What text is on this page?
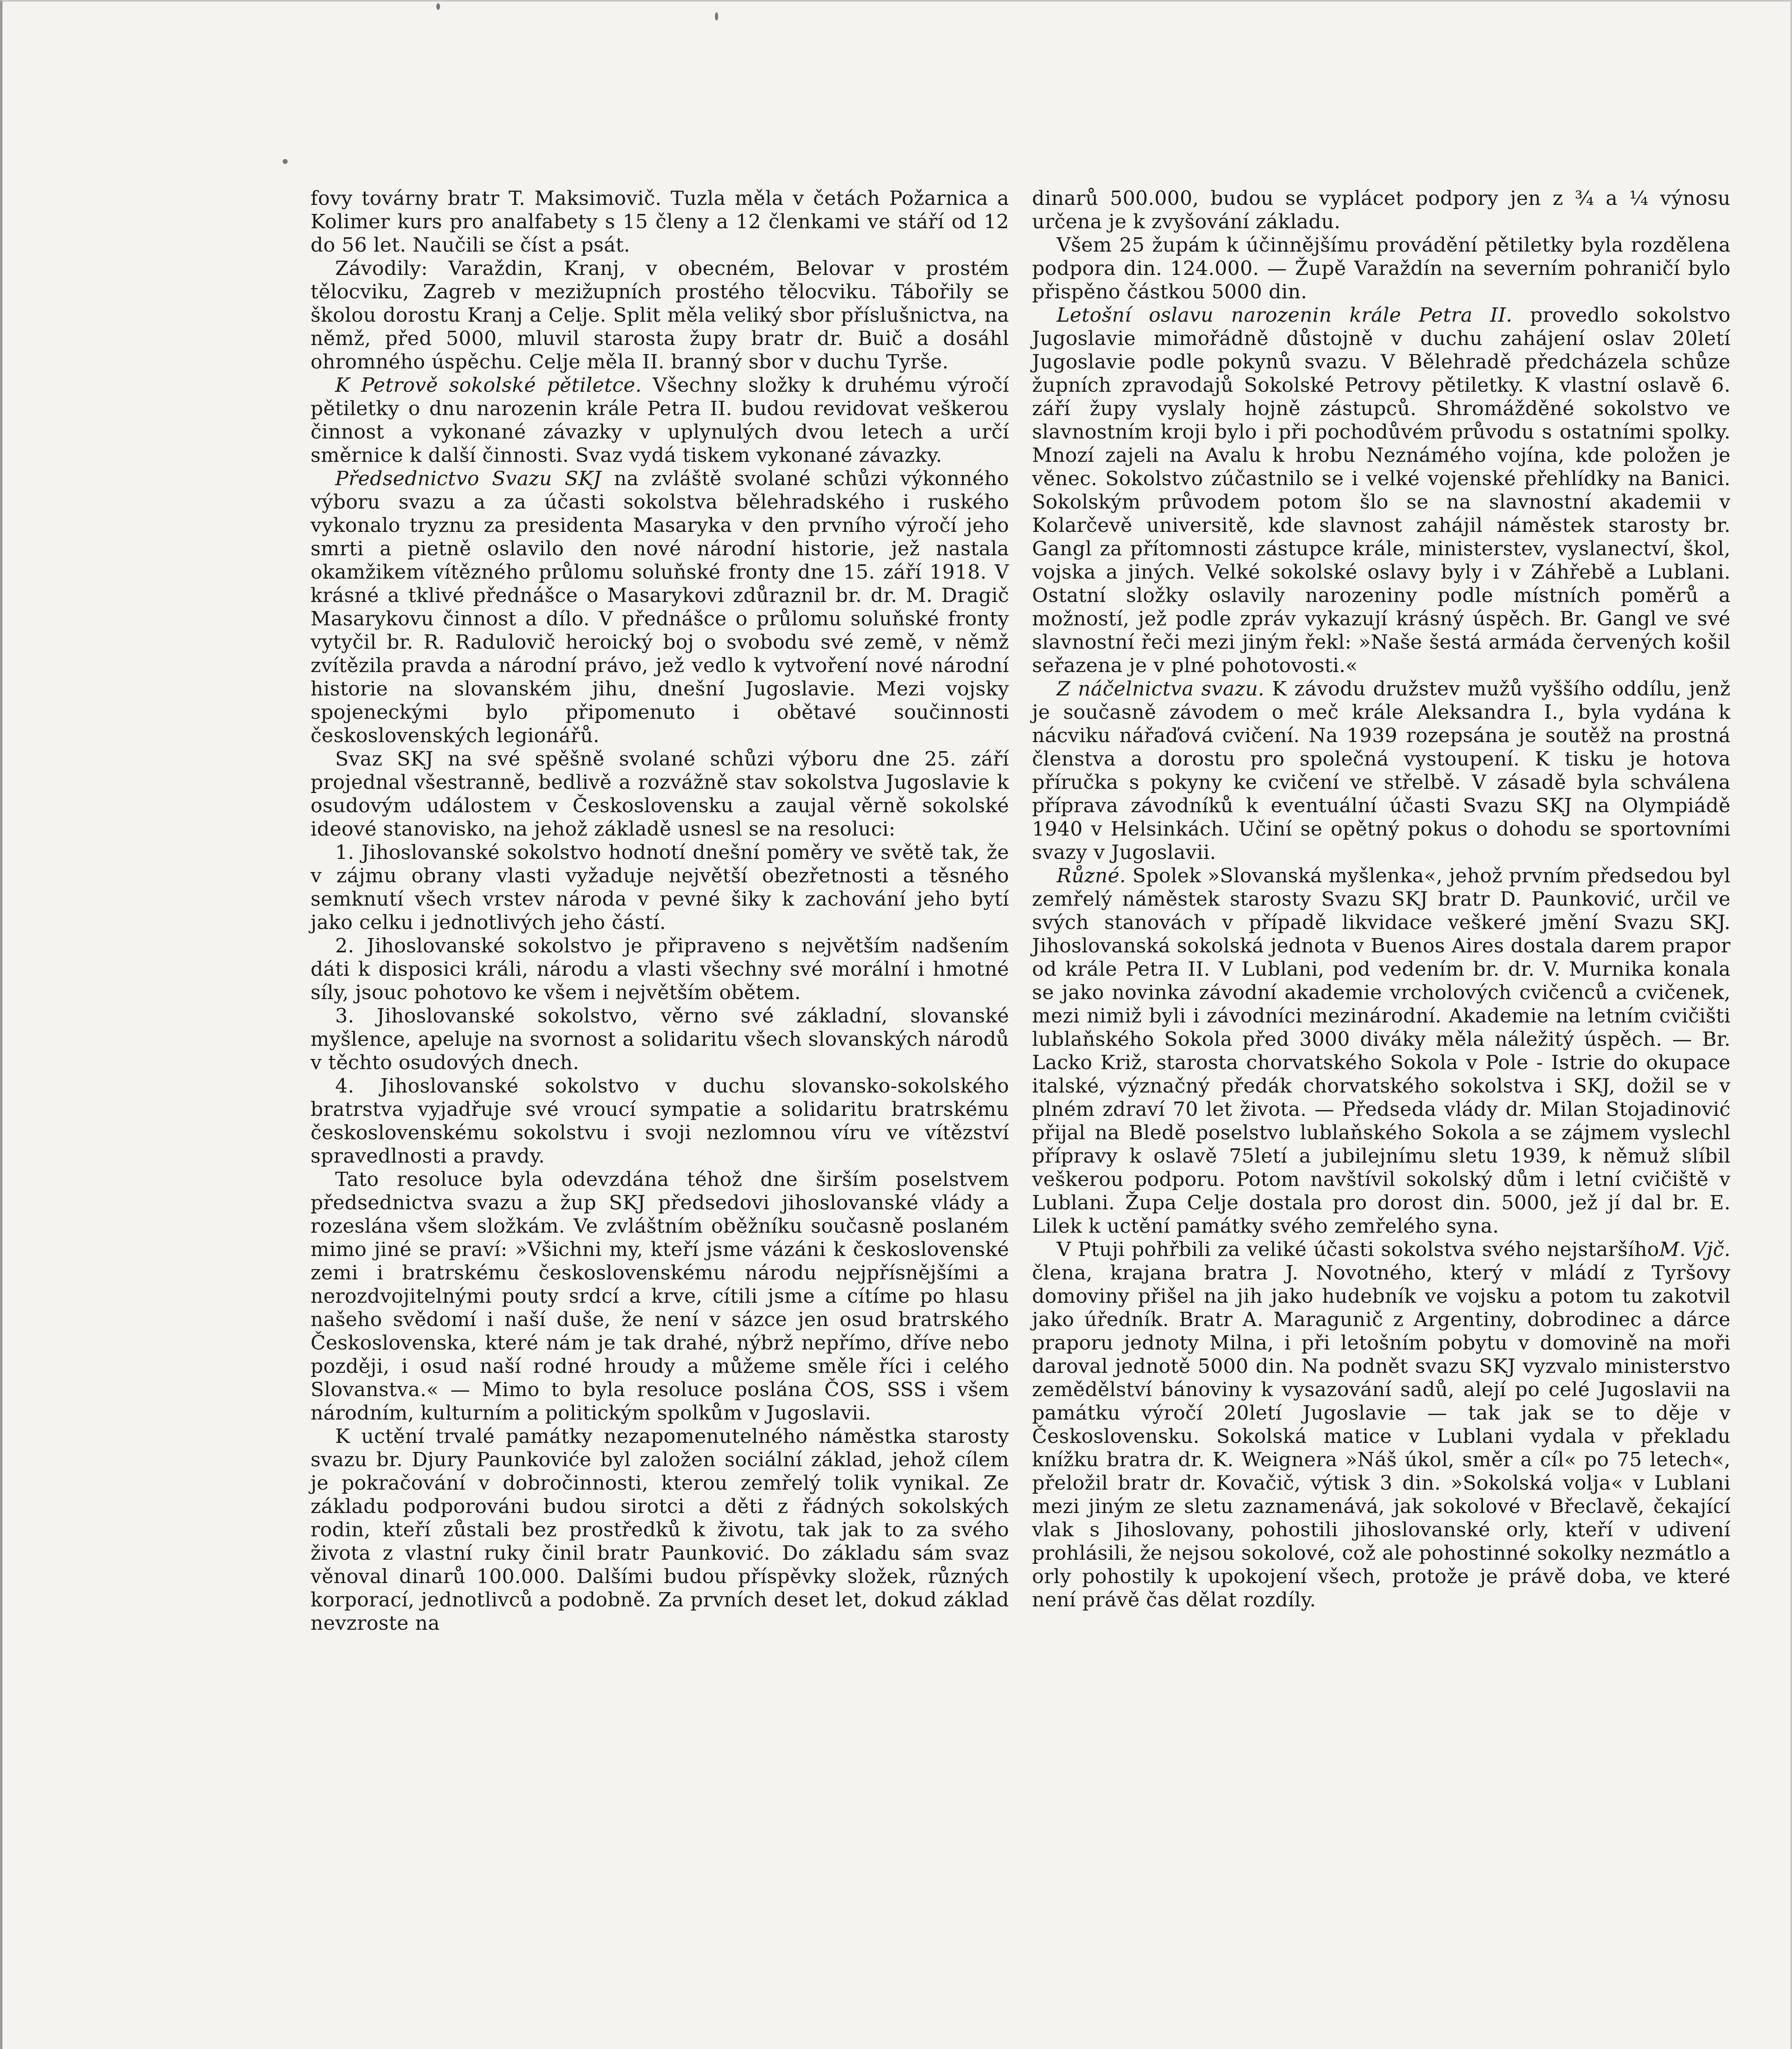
fovy továrny bratr T. Maksimovič. Tuzla měla v četách Požarnica a Kolimer kurs pro analfabety s 15 členy a 12 členkami ve stáří od 12 do 56 let. Naučili se číst a psát.

Závodily: Varaždin, Kranj, v obecném, Belovar v prostém tělocviku, Zagreb v mezižupních prostého tělocviku. Tábořily se školou dorostu Kranj a Celje. Split měla veliký sbor příslušnictva, na němž, před 5000, mluvil starosta župy bratr dr. Buič a dosáhl ohromného úspěchu. Celje měla II. branný sbor v duchu Tyrše.

K Petrově sokolské pětiletce. Všechny složky k druhému výročí pětiletky o dnu narozenin krále Petra II. budou revidovat veškerou činnost a vykonané závazky v uplynulých dvou letech a určí směrnice k další činnosti. Svaz vydá tiskem vykonané závazky.

Předsednictvo Svazu SKJ na zvláště svolané schůzi výkonného výboru svazu a za účasti sokolstva bělehradského i ruského vykonalo tryznu za presidenta Masaryka v den prvního výročí jeho smrti a pietně oslavilo den nové národní historie, jež nastala okamžikem vítězného průlomu soluňské fronty dne 15. září 1918. V krásné a tklivé přednášce o Masarykovi zdůraznil br. dr. M. Dragič Masarykovu činnost a dílo. V přednášce o průlomu soluňské fronty vytyčil br. R. Radulovič heroický boj o svobodu své země, v němž zvítězila pravda a národní právo, jež vedlo k vytvoření nové národní historie na slovanském jihu, dnešní Jugoslavie. Mezi vojsky spojeneckými bylo připomenuto i obětavé součinnosti československých legionářů.

Svaz SKJ na své spěšně svolané schůzi výboru dne 25. září projednal všestranně, bedlivě a rozvážně stav sokolstva Jugoslavie k osudovým událostem v Československu a zaujal věrně sokolské ideové stanovisko, na jehož základě usnesl se na resoluci:

1. Jihoslovanské sokolstvo hodnotí dnešní poměry ve světě tak, že v zájmu obrany vlasti vyžaduje největší obezřetnosti a těsného semknutí všech vrstev národa v pevné šiky k zachování jeho bytí jako celku i jednotlivých jeho částí.

2. Jihoslovanské sokolstvo je připraveno s největším nadšením dáti k disposici králi, národu a vlasti všechny své morální i hmotné síly, jsouc pohotovo ke všem i největším obětem.

3. Jihoslovanské sokolstvo, věrno své základní, slovanské myšlence, apeluje na svornost a solidaritu všech slovanských národů v těchto osudových dnech.

4. Jihoslovanské sokolstvo v duchu slovansko-sokolského bratrstva vyjadřuje své vroucí sympatie a solidaritu bratrskému československému sokolstvu i svoji nezlomnou víru ve vítězství spravedlnosti a pravdy.

Tato resoluce byla odevzdána téhož dne širším poselstvem předsednictva svazu a žup SKJ předsedovi jihoslovanské vlády a rozeslána všem složkám. Ve zvláštním oběžníku současně poslaném mimo jiné se praví: »Všichni my, kteří jsme vázáni k československé zemi i bratrskému československému národu nejpřísnějšími a nerozdvojitelnými pouty srdcí a krve, cítili jsme a cítíme po hlasu našeho svědomí i naší duše, že není v sázce jen osud bratrského Československa, které nám je tak drahé, nýbrž nepřímo, dříve nebo později, i osud naší rodné hroudy a můžeme směle říci i celého Slovanstva.« — Mimo to byla resoluce poslána ČOS, SSS i všem národním, kulturním a politickým spolkům v Jugoslavii.

K uctění trvalé památky nezapomenutelného náměstka starosty svazu br. Djury Paunkovićе byl založen sociální základ, jehož cílem je pokračování v dobročinnosti, kterou zemřelý tolik vynikal. Ze základu podporováni budou sirotci a děti z řádných sokolských rodin, kteří zůstali bez prostředků k životu, tak jak to za svého života z vlastní ruky činil bratr Paunković. Do základu sám svaz věnoval dinarů 100.000. Dalšími budou příspěvky složek, různých korporací, jednotlivců a podobně. Za prvních deset let, dokud základ nevzroste na

dinarů 500.000, budou se vyplácet podpory jen z ¾ a ¼ výnosu určena je k zvyšování základu.

Všem 25 župám k účinnějšímu provádění pětiletky byla rozdělena podpora din. 124.000. — Župě Varaždín na severním pohraničí bylo přispěno částkou 5000 din.

Letošní oslavu narozenin krále Petra II. provedlo sokolstvo Jugoslavie mimořádně důstojně v duchu zahájení oslav 20letí Jugoslavie podle pokynů svazu. V Bělehradě předcházela schůze župních zpravodajů Sokolské Petrovy pětiletky. K vlastní oslavě 6. září župy vyslaly hojně zástupců. Shromážděné sokolstvo ve slavnostním kroji bylo i při pochodůvém průvodu s ostatními spolky. Mnozí zajeli na Avalu k hrobu Neznámého vojína, kde položen je věnec. Sokolstvo zúčastnilo se i velké vojenské přehlídky na Banici. Sokolským průvodem potom šlo se na slavnostní akademii v Kolarčevě universitě, kde slavnost zahájil náměstek starosty br. Gangl za přítomnosti zástupce krále, ministerstev, vyslanectví, škol, vojska a jiných. Velké sokolské oslavy byly i v Záhřebě a Lublani. Ostatní složky oslavily narozeniny podle místních poměrů a možností, jež podle zpráv vykazují krásný úspěch. Br. Gangl ve své slavnostní řeči mezi jiným řekl: »Naše šestá armáda červených košil seřazena je v plné pohotovosti.«

Z náčelnictva svazu. K závodu družstev mužů vyššího oddílu, jenž je současně závodem o meč krále Aleksandra I., byla vydána k nácviku nářaďová cvičení. Na 1939 rozepsána je soutěž na prostná členstva a dorostu pro společná vystoupení. K tisku je hotova příručka s pokyny ke cvičení ve střelbě. V zásadě byla schválena příprava závodníků k eventuální účasti Svazu SKJ na Olympiádě 1940 v Helsinkách. Učiní se opětný pokus o dohodu se sportovními svazy v Jugoslavii.

Různé. Spolek »Slovanská myšlenka«, jehož prvním předsedou byl zemřelý náměstek starosty Svazu SKJ bratr D. Paunković, určil ve svých stanovách v případě likvidace veškeré jmění Svazu SKJ. Jihoslovanská sokolská jednota v Buenos Aires dostala darem prapor od krále Petra II. V Lublani, pod vedením br. dr. V. Murnika konala se jako novinka závodní akademie vrcholových cvičenců a cvičenek, mezi nimiž byli i závodníci mezinárodní. Akademie na letním cvičišti lublaňského Sokola před 3000 diváky měla náležitý úspěch. — Br. Lacko Križ, starosta chorvatského Sokola v Pole - Istrie do okupace italské, význačný předák chorvatského sokolstva i SKJ, dožil se v plném zdraví 70 let života. — Předseda vlády dr. Milan Stojadinović přijal na Bledě poselstvo lublaňského Sokola a se zájmem vyslechl přípravy k oslavě 75letí a jubilejnímu sletu 1939, k němuž slíbil veškerou podporu. Potom navštívil sokolský dům i letní cvičiště v Lublani. Župa Celje dostala pro dorost din. 5000, jež jí dal br. E. Lilek k uctění památky svého zemřelého syna.

M. Vjč.

V Ptuji pohřbili za veliké účasti sokolstva svého nejstaršího člena, krajana bratra J. Novotného, který v mládí z Tyršovy domoviny přišel na jih jako hudebník ve vojsku a potom tu zakotvil jako úředník. Bratr A. Maragunič z Argentiny, dobrodinec a dárce praporu jednoty Milna, i při letošním pobytu v domovině na moři daroval jednotě 5000 din. Na podnět svazu SKJ vyzvalo ministerstvo zemědělství bánoviny k vysazování sadů, alejí po celé Jugoslavii na památku výročí 20letí Jugoslavie — tak jak se to děje v Československu. Sokolská matice v Lublani vydala v překladu knížku bratra dr. K. Weignera »Náš úkol, směr a cíl« po 75 letech«, přeložil bratr dr. Kovačič, výtisk 3 din. »Sokolská volja« v Lublani mezi jiným ze sletu zaznamenává, jak sokolové v Břeclavě, čekající vlak s Jihoslovany, pohostili jihoslovanské orly, kteří v udivení prohlásili, že nejsou sokolové, což ale pohostinné sokolky nezmátlo a orly pohostily k upokojení všech, protože je právě doba, ve které není právě čas dělat rozdíly.
